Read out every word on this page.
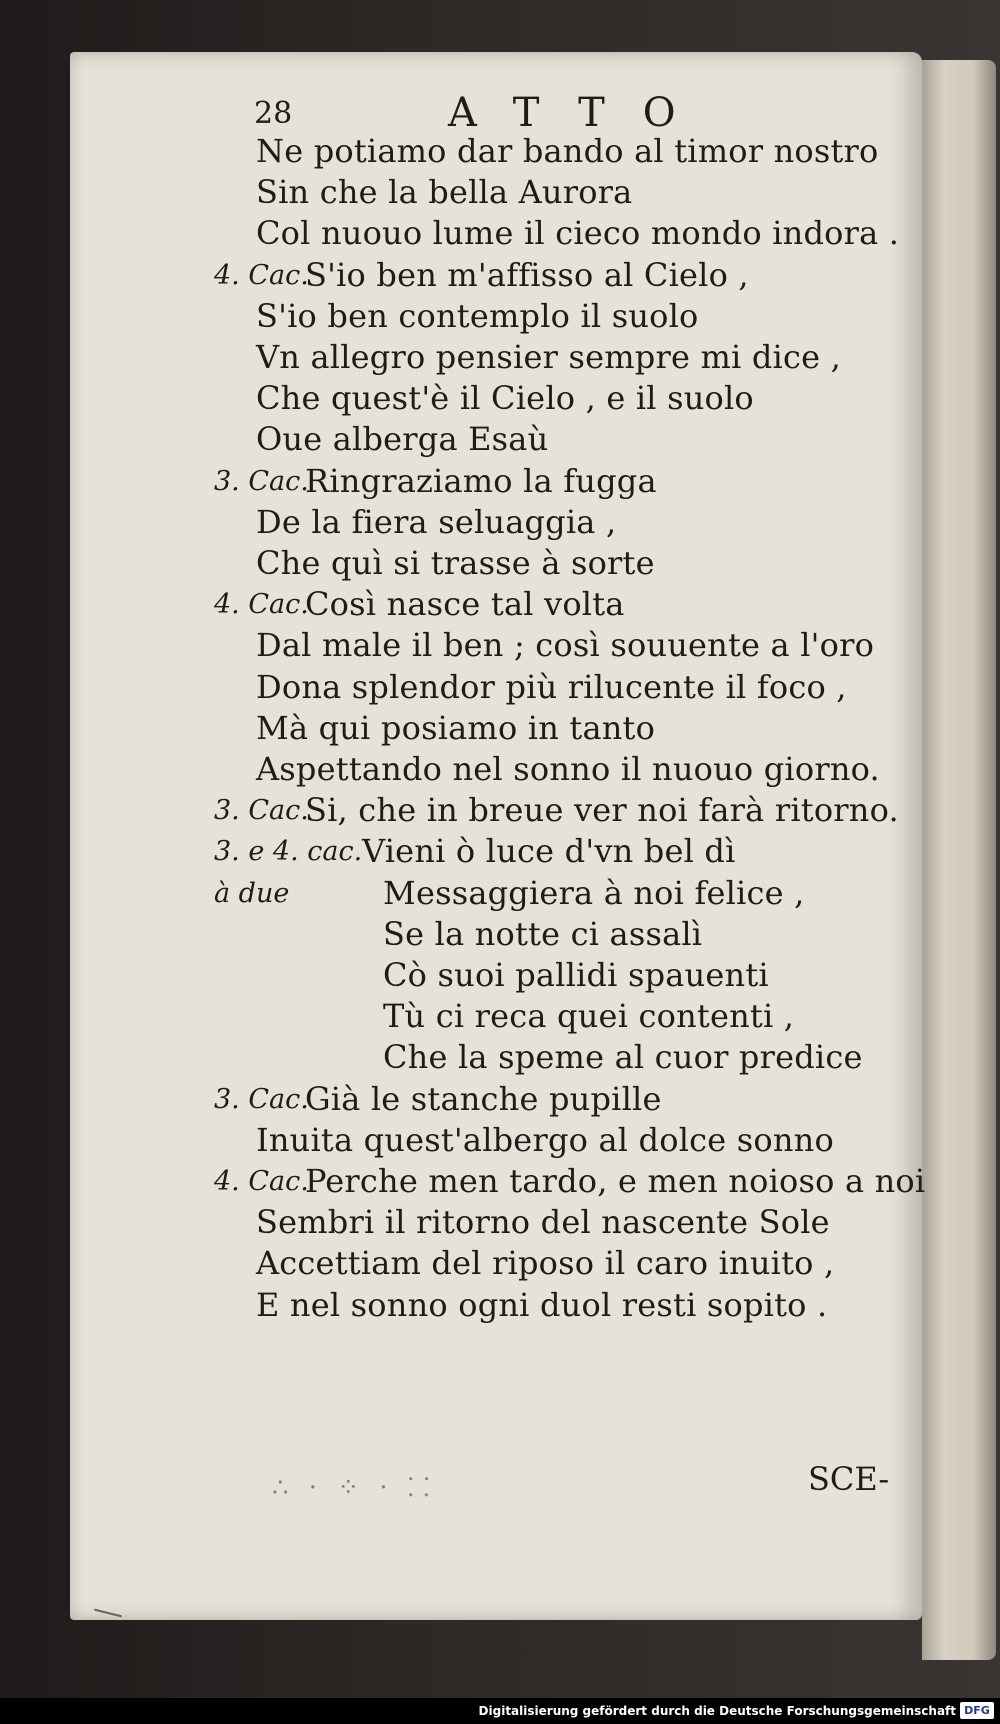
28	ATTO
Ne potiamo dar bando al timor nostro
Sin che la bella Aurora
Col nuouo lume il cieco mondo indora .
4. Cac.
S'io ben m'affisso al Cielo ,
S'io ben contemplo il suolo
Vn allegro pensier sempre mi dice ,
Che quest'è il Cielo , e il suolo
Oue alberga Esaù
3. Cac.
Ringraziamo la fugga
De la fiera seluaggia ,
Che quì si trasse à sorte
4. Cac.
Così nasce tal volta
Dal male il ben ; così souuente a l'oro
Dona splendor più rilucente il foco ,
Mà qui posiamo in tanto
Aspettando nel sonno il nuouo giorno.
3. Cac.
Si, che in breue ver noi farà ritorno.
3. e 4. cac. Vieni ò luce d'vn bel dì
à due	Messaggiera à noi felice ,
Se la notte ci assalì
Cò suoi pallidi spauenti
Tù ci reca quei contenti ,
Che la speme al cuor predice
3. Cac.
Già le stanche pupille
Inuita quest'albergo al dolce sonno
4. Cac.
Perche men tardo, e men noioso a noi
Sembri il ritorno del nascente Sole
Accettiam del riposo il caro inuito ,
E nel sonno ogni duol resti sopito .
∴ · ⁘ · ⸬	SCE-
Digitalisierung gefördert durch die Deutsche Forschungsgemeinschaft DFG
